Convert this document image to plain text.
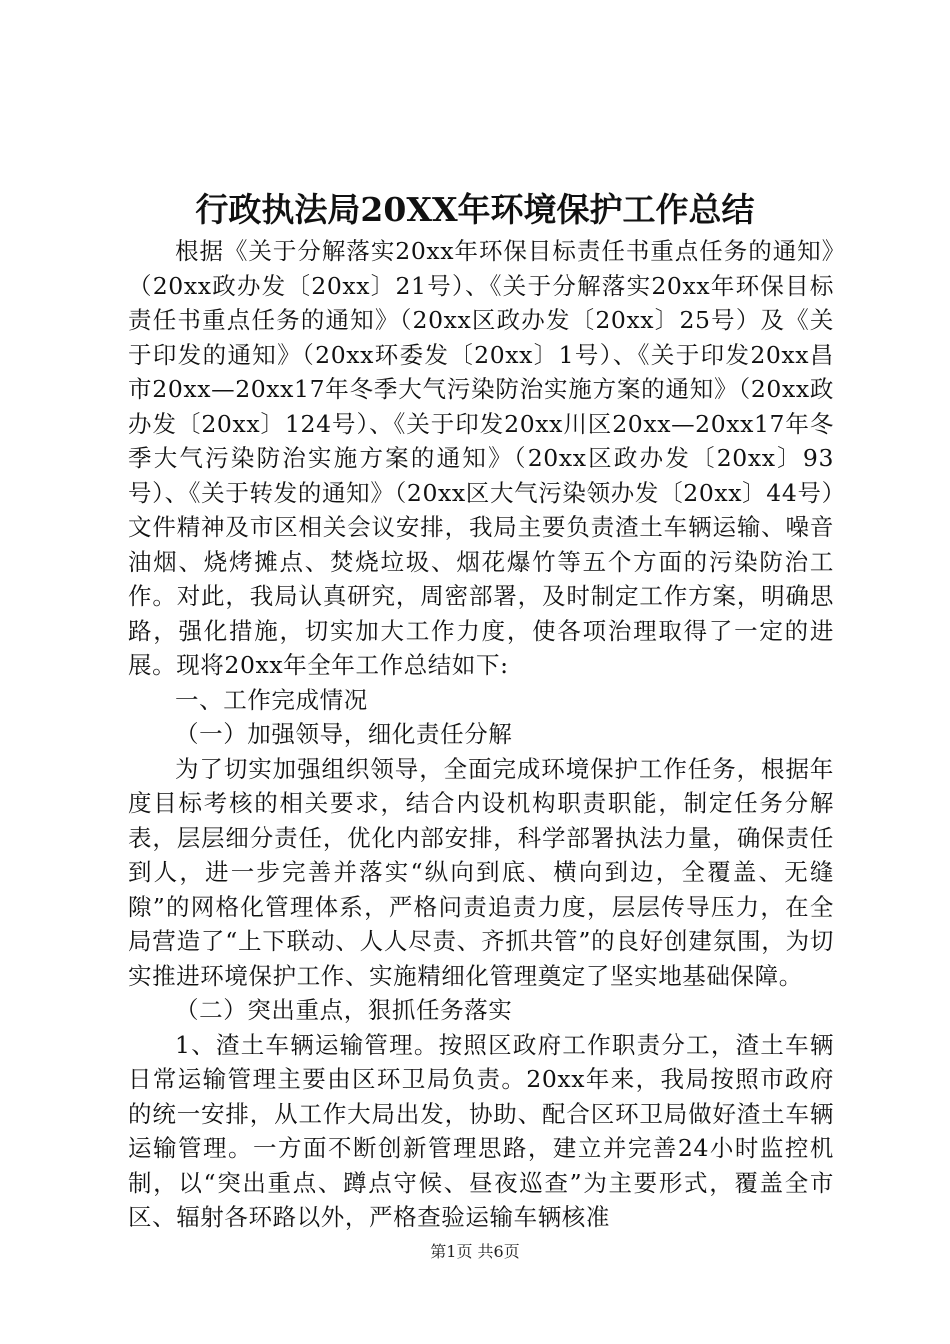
行政执法局20XX年环境保护工作总结

根据《关于分解落实20xx年环保目标责任书重点任务的通知》（20xx政办发〔20xx〕21号）、《关于分解落实20xx年环保目标责任书重点任务的通知》（20xx区政办发〔20xx〕25号）及《关于印发的通知》（20xx环委发〔20xx〕1号）、《关于印发20xx昌市20xx—20xx17年冬季大气污染防治实施方案的通知》（20xx政办发〔20xx〕124号）、《关于印发20xx川区20xx—20xx17年冬季大气污染防治实施方案的通知》（20xx区政办发〔20xx〕93号）、《关于转发的通知》（20xx区大气污染领办发〔20xx〕44号）文件精神及市区相关会议安排，我局主要负责渣土车辆运输、噪音油烟、烧烤摊点、焚烧垃圾、烟花爆竹等五个方面的污染防治工作。对此，我局认真研究，周密部署，及时制定工作方案，明确思路，强化措施，切实加大工作力度，使各项治理取得了一定的进展。现将20xx年全年工作总结如下:

一、工作完成情况

（一）加强领导，细化责任分解

为了切实加强组织领导，全面完成环境保护工作任务，根据年度目标考核的相关要求，结合内设机构职责职能，制定任务分解表，层层细分责任，优化内部安排，科学部署执法力量，确保责任到人，进一步完善并落实“纵向到底、横向到边，全覆盖、无缝隙”的网格化管理体系，严格问责追责力度，层层传导压力，在全局营造了“上下联动、人人尽责、齐抓共管”的良好创建氛围，为切实推进环境保护工作、实施精细化管理奠定了坚实地基础保障。

（二）突出重点，狠抓任务落实

1、渣土车辆运输管理。按照区政府工作职责分工，渣土车辆日常运输管理主要由区环卫局负责。20xx年来，我局按照市政府的统一安排，从工作大局出发，协助、配合区环卫局做好渣土车辆运输管理。一方面不断创新管理思路，建立并完善24小时监控机制，以“突出重点、蹲点守候、昼夜巡查”为主要形式，覆盖全市区、辐射各环路以外，严格查验运输车辆核准

第1页 共6页
